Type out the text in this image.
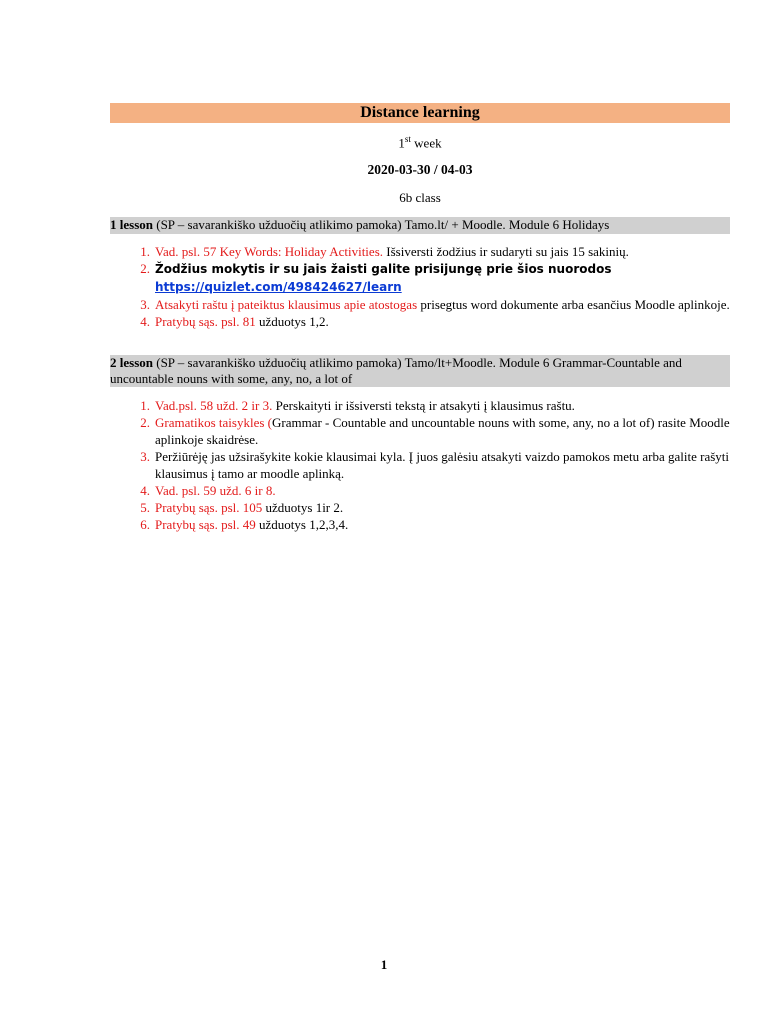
Distance learning
1st week
2020-03-30 / 04-03
6b class
1 lesson (SP – savarankiško užduočių atlikimo pamoka) Tamo.lt/ + Moodle. Module 6 Holidays
1. Vad. psl. 57 Key Words: Holiday Activities. Išsiversti žodžius ir sudaryti su jais 15 sakinių.
2. Žodžius mokytis ir su jais žaisti galite prisijungę prie šios nuorodos
https://quizlet.com/498424627/learn
3. Atsakyti raštu į pateiktus klausimus apie atostogas prisegtus word dokumente arba esančius Moodle aplinkoje.
4. Pratybų sąs. psl. 81 užduotys 1,2.
2 lesson (SP – savarankiško užduočių atlikimo pamoka) Tamo/lt+Moodle. Module 6 Grammar-Countable and uncountable nouns with some, any, no, a lot of
1. Vad.psl. 58 užd. 2 ir 3. Perskaityti ir išsiversti tekstą ir atsakyti į klausimus raštu.
2. Gramatikos taisykles (Grammar - Countable and uncountable nouns with some, any, no a lot of) rasite Moodle aplinkoje skaidrėse.
3. Peržiūrėję jas užsirašykite kokie klausimai kyla. Į juos galėsiu atsakyti vaizdo pamokos metu arba galite rašyti klausimus į tamo ar moodle aplinką.
4. Vad. psl. 59 užd. 6 ir 8.
5. Pratybų sąs. psl. 105 užduotys 1ir 2.
6. Pratybų sąs. psl. 49 užduotys 1,2,3,4.
1
